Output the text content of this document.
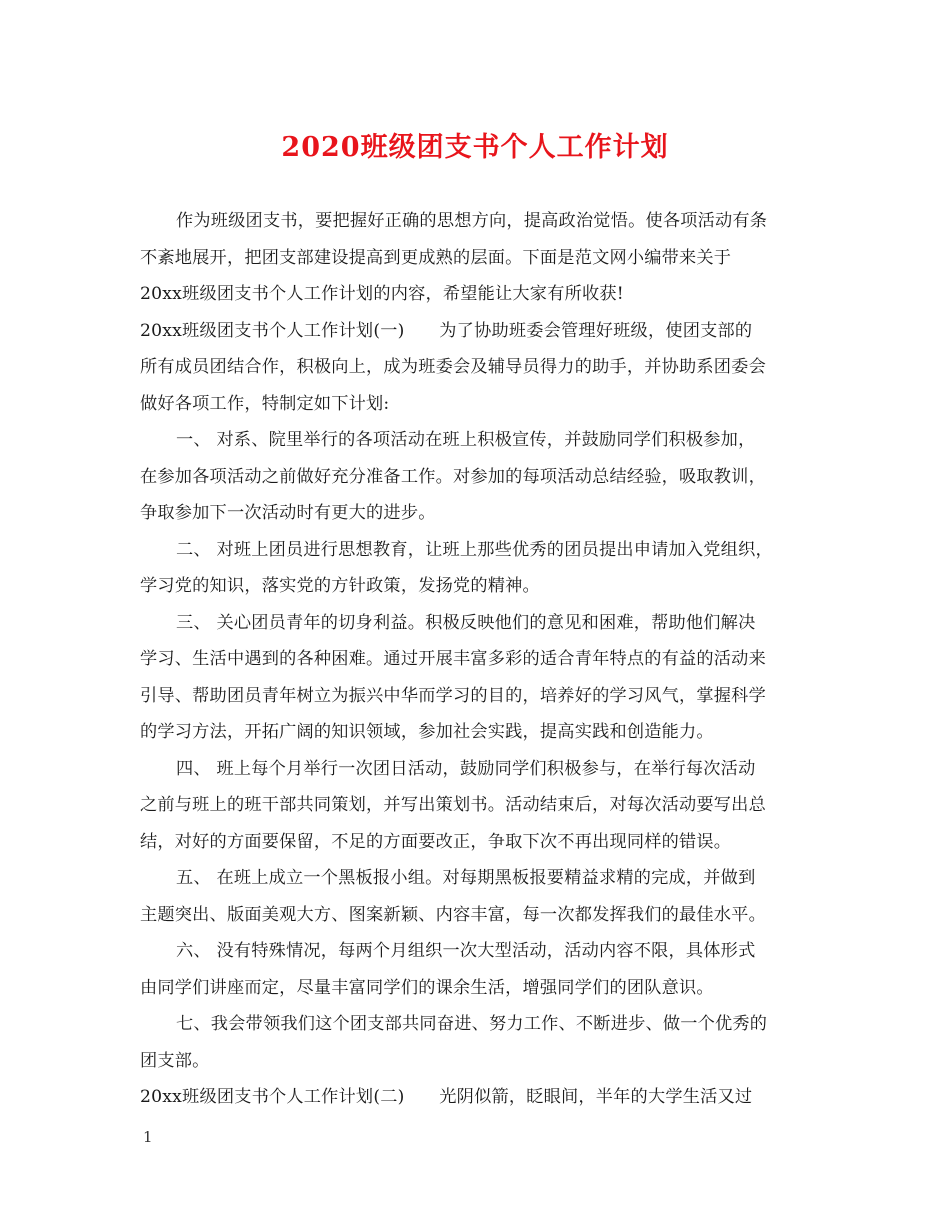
2020班级团支书个人工作计划
作为班级团支书，要把握好正确的思想方向，提高政治觉悟。使各项活动有条
不紊地展开，把团支部建设提高到更成熟的层面。下面是范文网小编带来关于
20xx班级团支书个人工作计划的内容，希望能让大家有所收获!
20xx班级团支书个人工作计划(一)　　为了协助班委会管理好班级，使团支部的
所有成员团结合作，积极向上，成为班委会及辅导员得力的助手，并协助系团委会
做好各项工作，特制定如下计划:
一、 对系、院里举行的各项活动在班上积极宣传，并鼓励同学们积极参加，
在参加各项活动之前做好充分准备工作。对参加的每项活动总结经验，吸取教训，
争取参加下一次活动时有更大的进步。
二、 对班上团员进行思想教育，让班上那些优秀的团员提出申请加入党组织，
学习党的知识，落实党的方针政策，发扬党的精神。
三、 关心团员青年的切身利益。积极反映他们的意见和困难，帮助他们解决
学习、生活中遇到的各种困难。通过开展丰富多彩的适合青年特点的有益的活动来
引导、帮助团员青年树立为振兴中华而学习的目的，培养好的学习风气，掌握科学
的学习方法，开拓广阔的知识领域，参加社会实践，提高实践和创造能力。
四、 班上每个月举行一次团日活动，鼓励同学们积极参与，在举行每次活动
之前与班上的班干部共同策划，并写出策划书。活动结束后，对每次活动要写出总
结，对好的方面要保留，不足的方面要改正，争取下次不再出现同样的错误。
五、 在班上成立一个黑板报小组。对每期黑板报要精益求精的完成，并做到
主题突出、版面美观大方、图案新颖、内容丰富，每一次都发挥我们的最佳水平。
六、 没有特殊情况，每两个月组织一次大型活动，活动内容不限，具体形式
由同学们讲座而定，尽量丰富同学们的课余生活，增强同学们的团队意识。
七、我会带领我们这个团支部共同奋进、努力工作、不断进步、做一个优秀的
团支部。
20xx班级团支书个人工作计划(二)　　光阴似箭，眨眼间，半年的大学生活又过
1
